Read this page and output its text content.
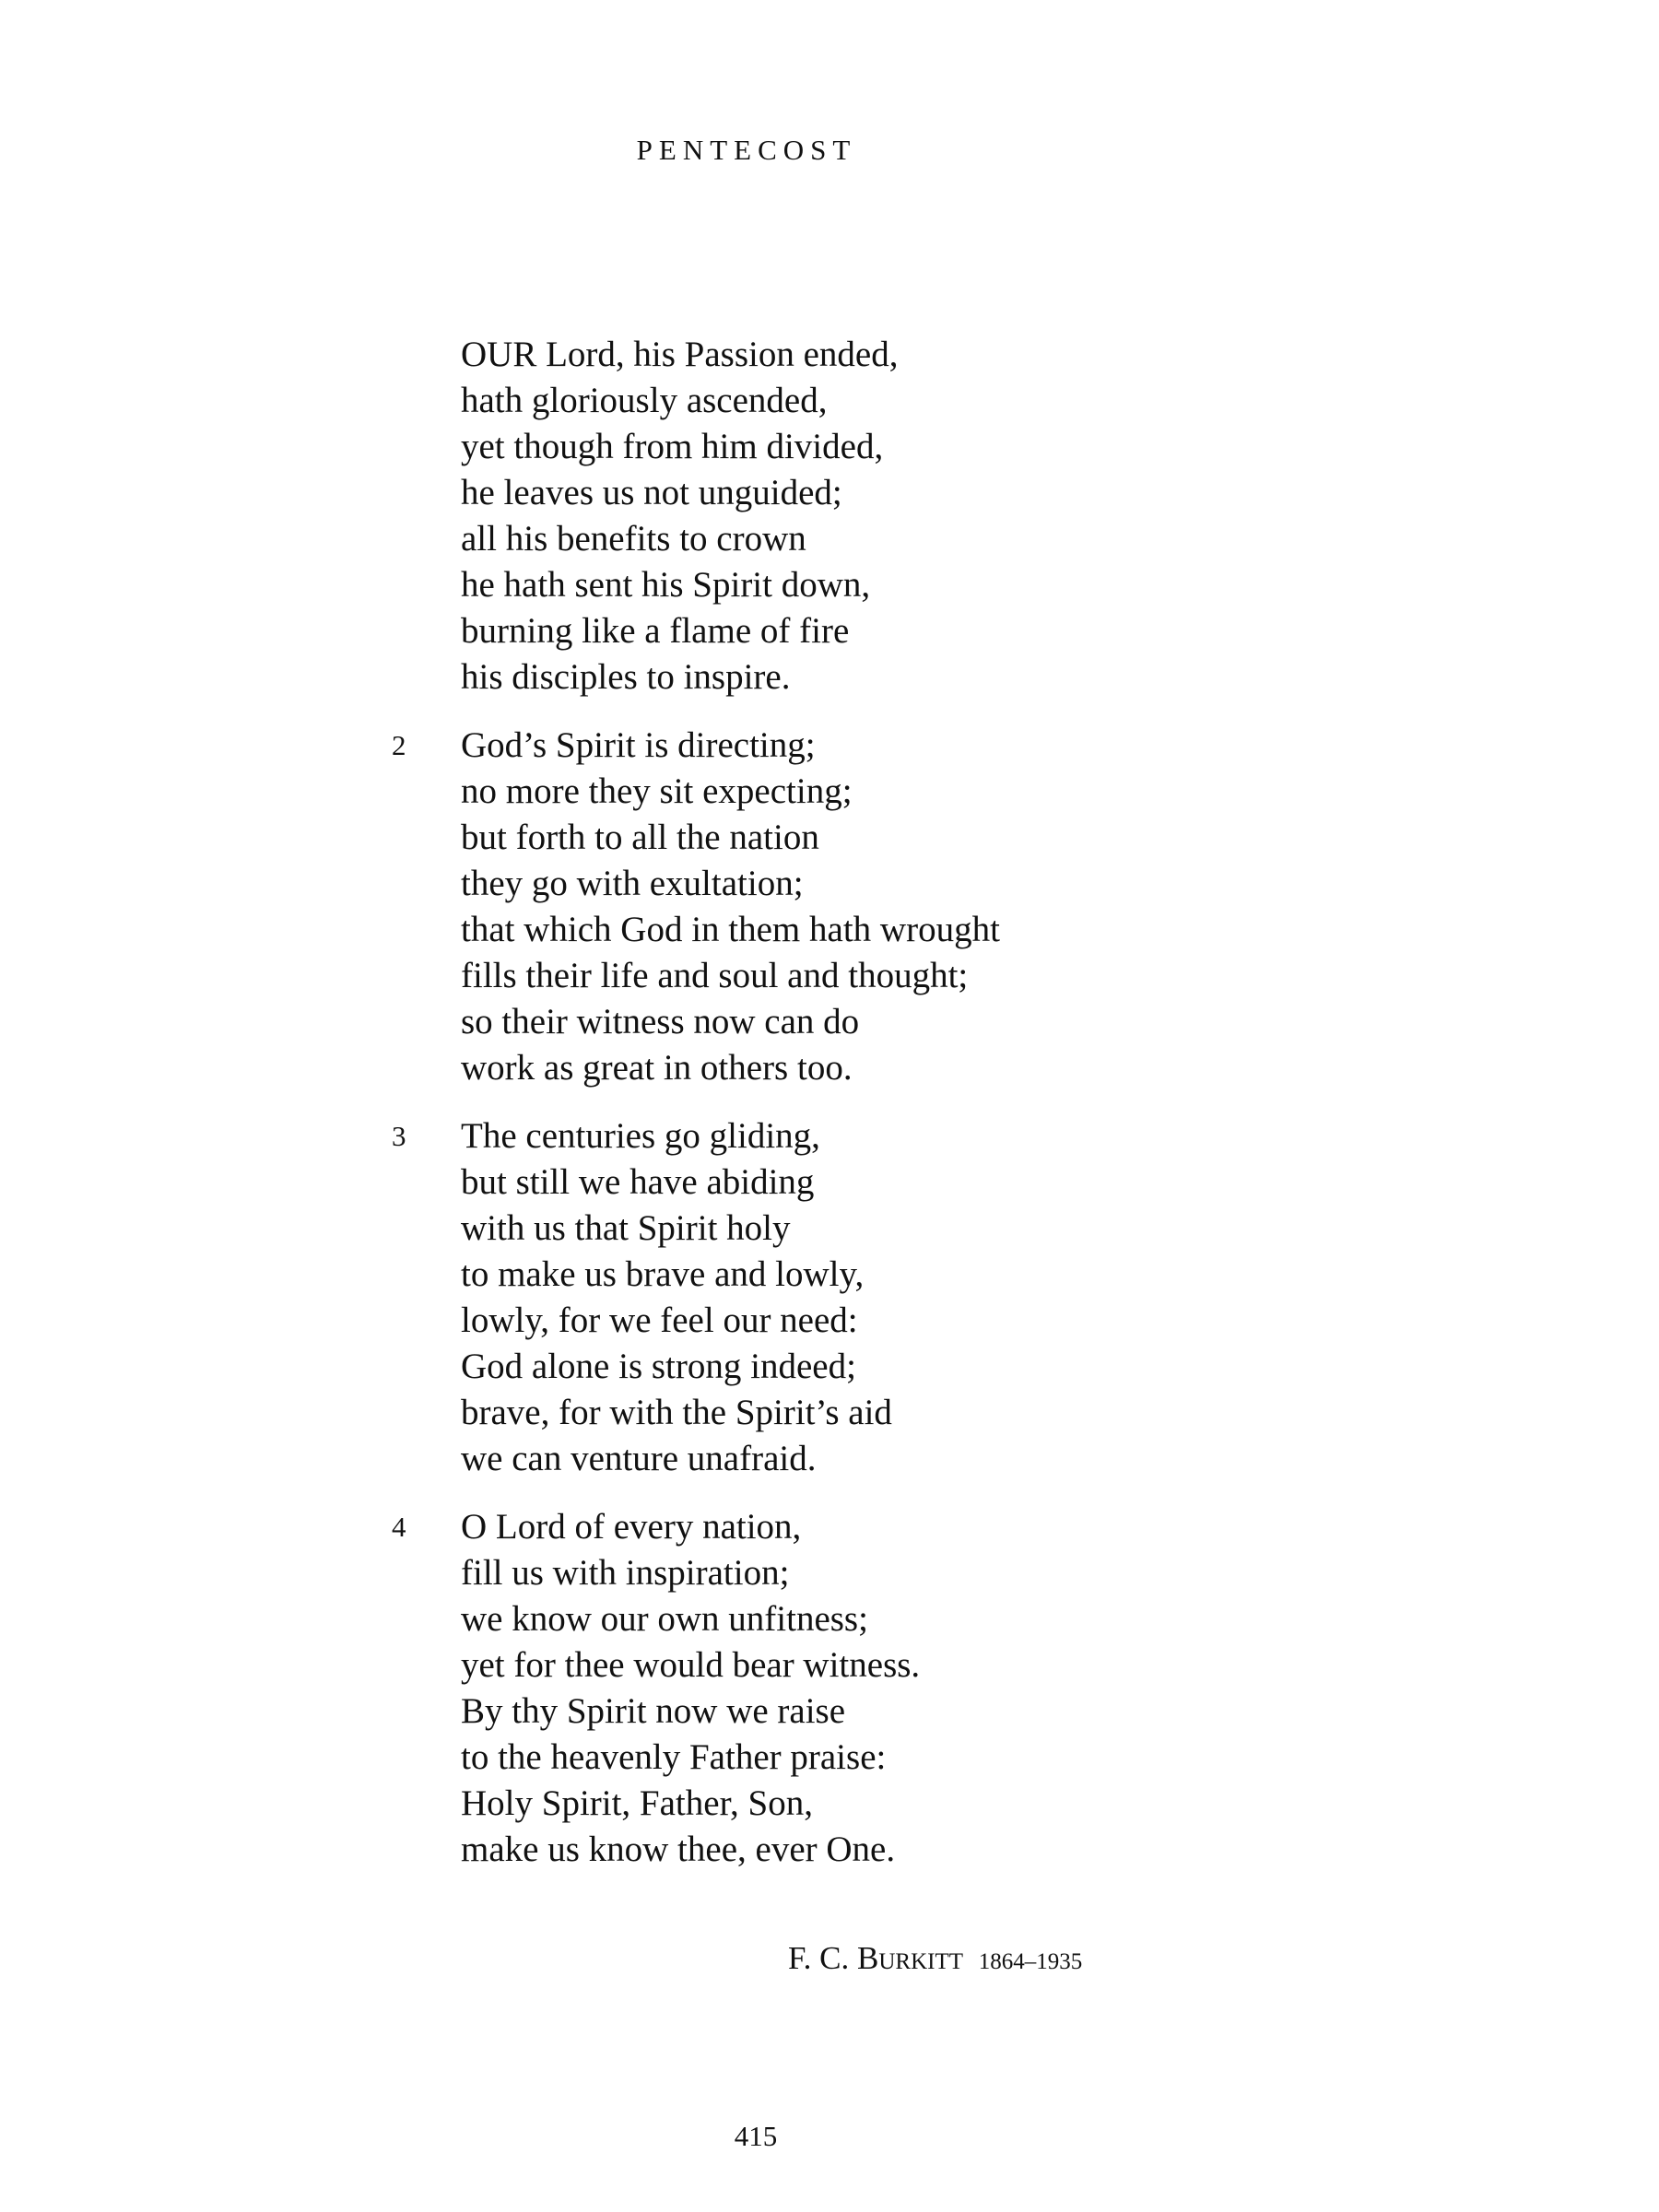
PENTECOST
OUR Lord, his Passion ended,
hath gloriously ascended,
yet though from him divided,
he leaves us not unguided;
all his benefits to crown
he hath sent his Spirit down,
burning like a flame of fire
his disciples to inspire.
2 God’s Spirit is directing;
no more they sit expecting;
but forth to all the nation
they go with exultation;
that which God in them hath wrought
fills their life and soul and thought;
so their witness now can do
work as great in others too.
3 The centuries go gliding,
but still we have abiding
with us that Spirit holy
to make us brave and lowly,
lowly, for we feel our need:
God alone is strong indeed;
brave, for with the Spirit’s aid
we can venture unafraid.
4 O Lord of every nation,
fill us with inspiration;
we know our own unfitness;
yet for thee would bear witness.
By thy Spirit now we raise
to the heavenly Father praise:
Holy Spirit, Father, Son,
make us know thee, ever One.
F. C. Burkitt 1864–1935
415
